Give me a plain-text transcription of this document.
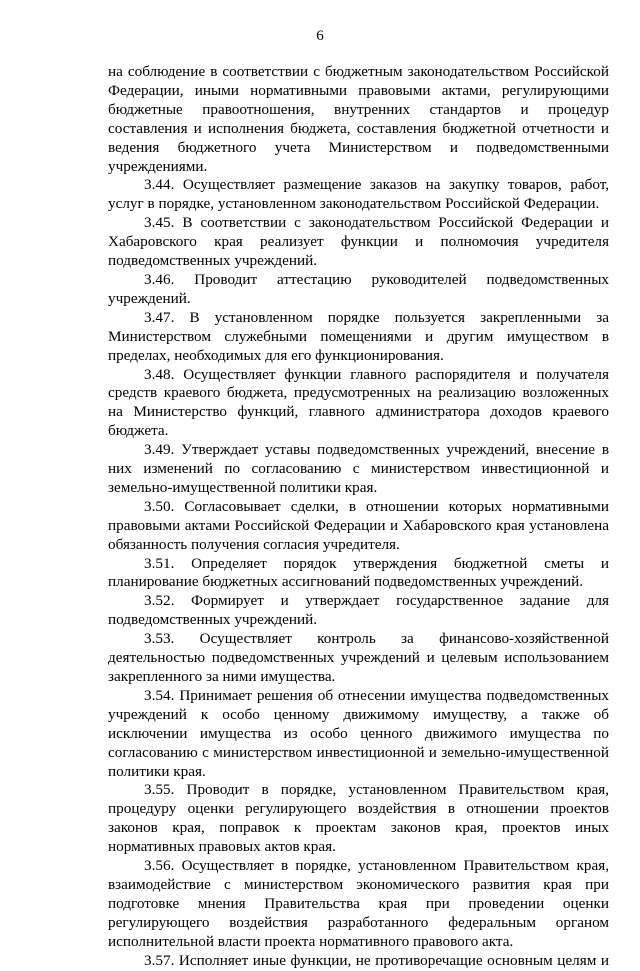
6

на соблюдение в соответствии с бюджетным законодательством Российской Федерации, иными нормативными правовыми актами, регулирующими бюджетные правоотношения, внутренних стандартов и процедур составления и исполнения бюджета, составления бюджетной отчетности и ведения бюджетного учета Министерством и подведомственными учреждениями.

3.44. Осуществляет размещение заказов на закупку товаров, работ, услуг в порядке, установленном законодательством Российской Федерации.

3.45. В соответствии с законодательством Российской Федерации и Хабаровского края реализует функции и полномочия учредителя подведомственных учреждений.

3.46. Проводит аттестацию руководителей подведомственных учреждений.

3.47. В установленном порядке пользуется закрепленными за Министерством служебными помещениями и другим имуществом в пределах, необходимых для его функционирования.

3.48. Осуществляет функции главного распорядителя и получателя средств краевого бюджета, предусмотренных на реализацию возложенных на Министерство функций, главного администратора доходов краевого бюджета.

3.49. Утверждает уставы подведомственных учреждений, внесение в них изменений по согласованию с министерством инвестиционной и земельно-имущественной политики края.

3.50. Согласовывает сделки, в отношении которых нормативными правовыми актами Российской Федерации и Хабаровского края установлена обязанность получения согласия учредителя.

3.51. Определяет порядок утверждения бюджетной сметы и планирование бюджетных ассигнований подведомственных учреждений.

3.52. Формирует и утверждает государственное задание для подведомственных учреждений.

3.53. Осуществляет контроль за финансово-хозяйственной деятельностью подведомственных учреждений и целевым использованием закрепленного за ними имущества.

3.54. Принимает решения об отнесении имущества подведомственных учреждений к особо ценному движимому имуществу, а также об исключении имущества из особо ценного движимого имущества по согласованию с министерством инвестиционной и земельно-имущественной политики края.

3.55. Проводит в порядке, установленном Правительством края, процедуру оценки регулирующего воздействия в отношении проектов законов края, поправок к проектам законов края, проектов иных нормативных правовых актов края.

3.56. Осуществляет в порядке, установленном Правительством края, взаимодействие с министерством экономического развития края при подготовке мнения Правительства края при проведении оценки регулирующего воздействия разработанного федеральным органом исполнительной власти проекта нормативного правового акта.

3.57. Исполняет иные функции, не противоречащие основным целям и
